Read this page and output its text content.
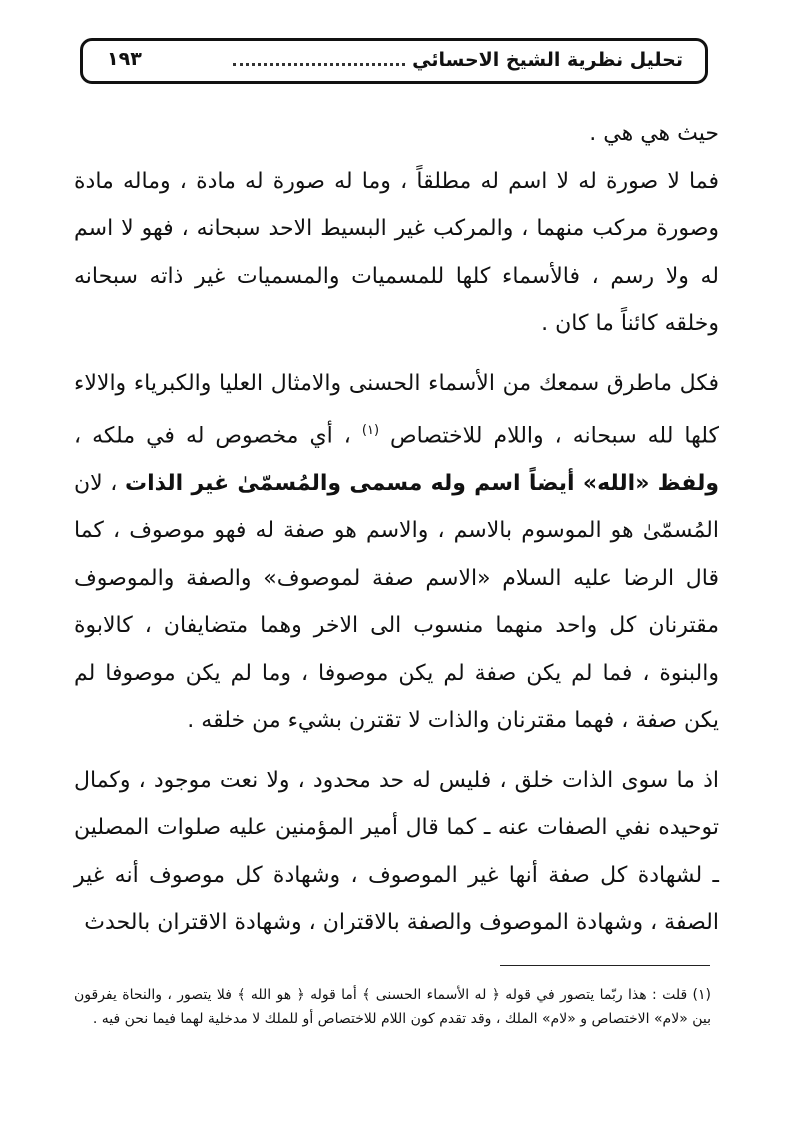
تحليل نظرية الشيخ الاحسائي
١٩٣

حيث هي هي .

فما لا صورة له لا اسم له مطلقاً ، وما له صورة له مادة ، وماله مادة وصورة مركب منهما ، والمركب غير البسيط الاحد سبحانه ، فهو لا اسم له ولا رسم ، فالأسماء كلها للمسميات والمسميات غير ذاته سبحانه وخلقه كائناً ما كان .

فكل ماطرق سمعك من الأسماء الحسنى والامثال العليا والكبرياء والالاء كلها لله سبحانه ، واللام للاختصاص $^{(١)}$ ، أي مخصوص له في ملكه ، ولفظ «الله» أيضاً اسم وله مسمى والمُسمّىٰ غير الذات ، لان المُسمّىٰ هو الموسوم بالاسم ، والاسم هو صفة له فهو موصوف ، كما قال الرضا عليه السلام «الاسم صفة لموصوف» والصفة والموصوف مقترنان كل واحد منهما منسوب الى الاخر وهما متضايفان ، كالابوة والبنوة ، فما لم يكن صفة لم يكن موصوفا ، وما لم يكن موصوفا لم يكن صفة ، فهما مقترنان والذات لا تقترن بشيء من خلقه .

اذ ما سوى الذات خلق ، فليس له حد محدود ، ولا نعت موجود ، وكمال توحيده نفي الصفات عنه ـ كما قال أمير المؤمنين عليه صلوات المصلين ـ لشهادة كل صفة أنها غير الموصوف ، وشهادة كل موصوف أنه غير الصفة ، وشهادة الموصوف والصفة بالاقتران ، وشهادة الاقتران بالحدث

(١) قلت : هذا ربّما يتصور في قوله ﴿ له الأسماء الحسنى ﴾ أما قوله ﴿ هو الله ﴾ فلا يتصور ، والنحاة يفرقون بين «لام» الاختصاص و «لام» الملك ، وقد تقدم كون اللام للاختصاص أو للملك لا مدخلية لهما فيما نحن فيه .
